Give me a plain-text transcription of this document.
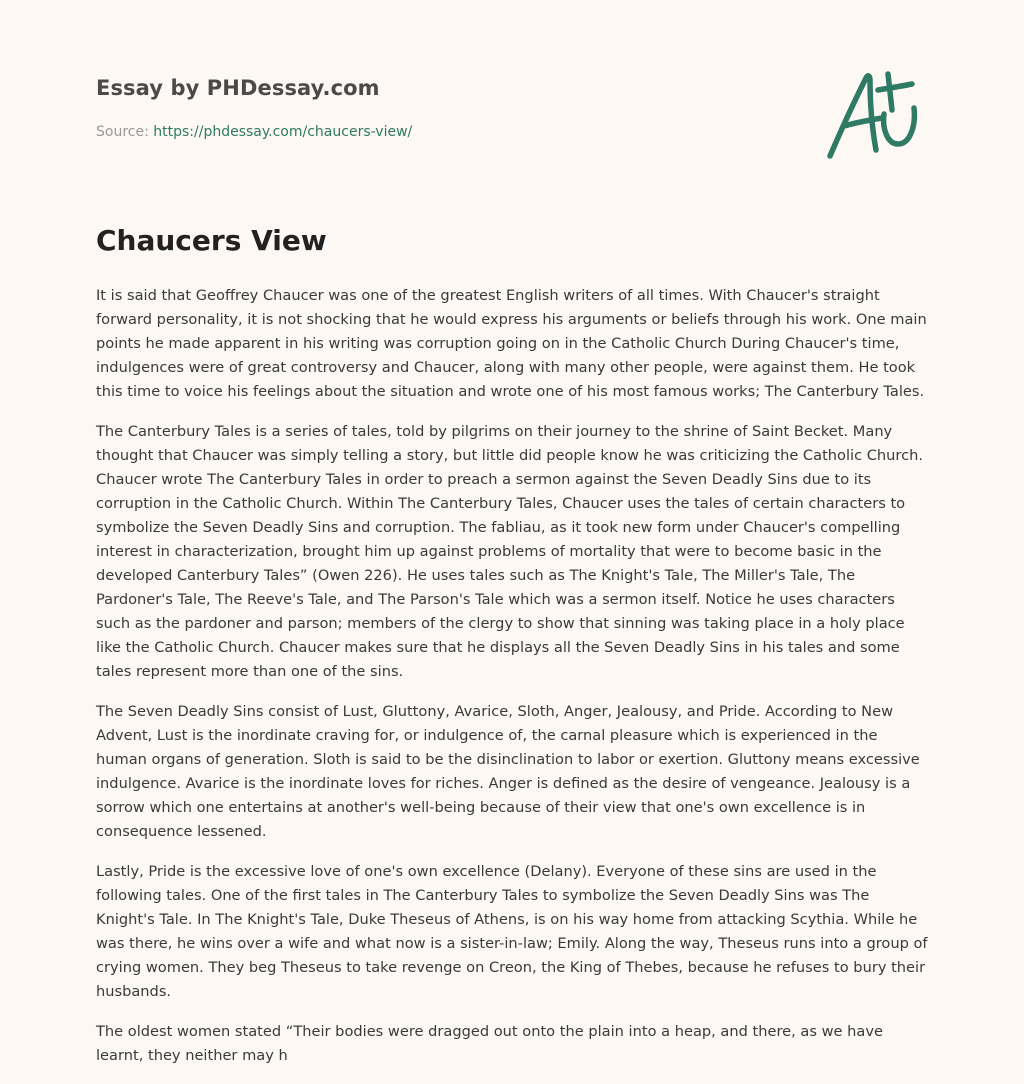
Essay by PHDessay.com

Source: https://phdessay.com/chaucers-view/

Chaucers View

It is said that Geoffrey Chaucer was one of the greatest English writers of all times. With Chaucer's straight forward personality, it is not shocking that he would express his arguments or beliefs through his work. One main points he made apparent in his writing was corruption going on in the Catholic Church During Chaucer's time, indulgences were of great controversy and Chaucer, along with many other people, were against them. He took this time to voice his feelings about the situation and wrote one of his most famous works; The Canterbury Tales.

The Canterbury Tales is a series of tales, told by pilgrims on their journey to the shrine of Saint Becket. Many thought that Chaucer was simply telling a story, but little did people know he was criticizing the Catholic Church. Chaucer wrote The Canterbury Tales in order to preach a sermon against the Seven Deadly Sins due to its corruption in the Catholic Church. Within The Canterbury Tales, Chaucer uses the tales of certain characters to symbolize the Seven Deadly Sins and corruption. The fabliau, as it took new form under Chaucer's compelling interest in characterization, brought him up against problems of mortality that were to become basic in the developed Canterbury Tales” (Owen 226). He uses tales such as The Knight's Tale, The Miller's Tale, The Pardoner's Tale, The Reeve's Tale, and The Parson's Tale which was a sermon itself. Notice he uses characters such as the pardoner and parson; members of the clergy to show that sinning was taking place in a holy place like the Catholic Church. Chaucer makes sure that he displays all the Seven Deadly Sins in his tales and some tales represent more than one of the sins.

The Seven Deadly Sins consist of Lust, Gluttony, Avarice, Sloth, Anger, Jealousy, and Pride. According to New Advent, Lust is the inordinate craving for, or indulgence of, the carnal pleasure which is experienced in the human organs of generation. Sloth is said to be the disinclination to labor or exertion. Gluttony means excessive indulgence. Avarice is the inordinate loves for riches. Anger is defined as the desire of vengeance. Jealousy is a sorrow which one entertains at another's well-being because of their view that one's own excellence is in consequence lessened.

Lastly, Pride is the excessive love of one's own excellence (Delany). Everyone of these sins are used in the following tales. One of the first tales in The Canterbury Tales to symbolize the Seven Deadly Sins was The Knight's Tale. In The Knight's Tale, Duke Theseus of Athens, is on his way home from attacking Scythia. While he was there, he wins over a wife and what now is a sister-in-law; Emily. Along the way, Theseus runs into a group of crying women. They beg Theseus to take revenge on Creon, the King of Thebes, because he refuses to bury their husbands.

The oldest women stated “Their bodies were dragged out onto the plain into a heap, and there, as we have learnt, they neither may h
